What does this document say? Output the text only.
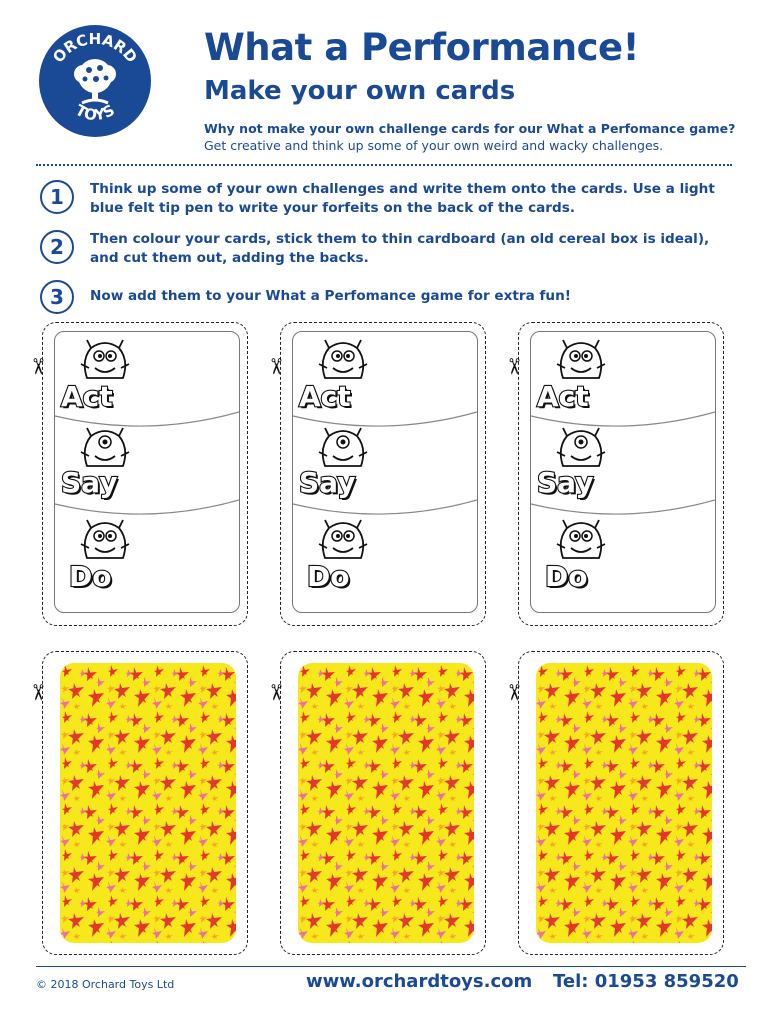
ORCHARD
TOYS
What a Performance!
Make your own cards
Why not make your own challenge cards for our What a Perfomance game?
Get creative and think up some of your own weird and wacky challenges.
1	Think up some of your own challenges and write them onto the cards. Use a light blue felt tip pen to write your forfeits on the back of the cards.
2	Then colour your cards, stick them to thin cardboard (an old cereal box is ideal), and cut them out, adding the backs.
3	Now add them to your What a Perfomance game for extra fun!
✂
Act
Say
Do
✂
Act
Say
Do
✂
Act
Say
Do
✂	✂	✂
© 2018 Orchard Toys Ltd	www.orchardtoys.com Tel: 01953 859520
